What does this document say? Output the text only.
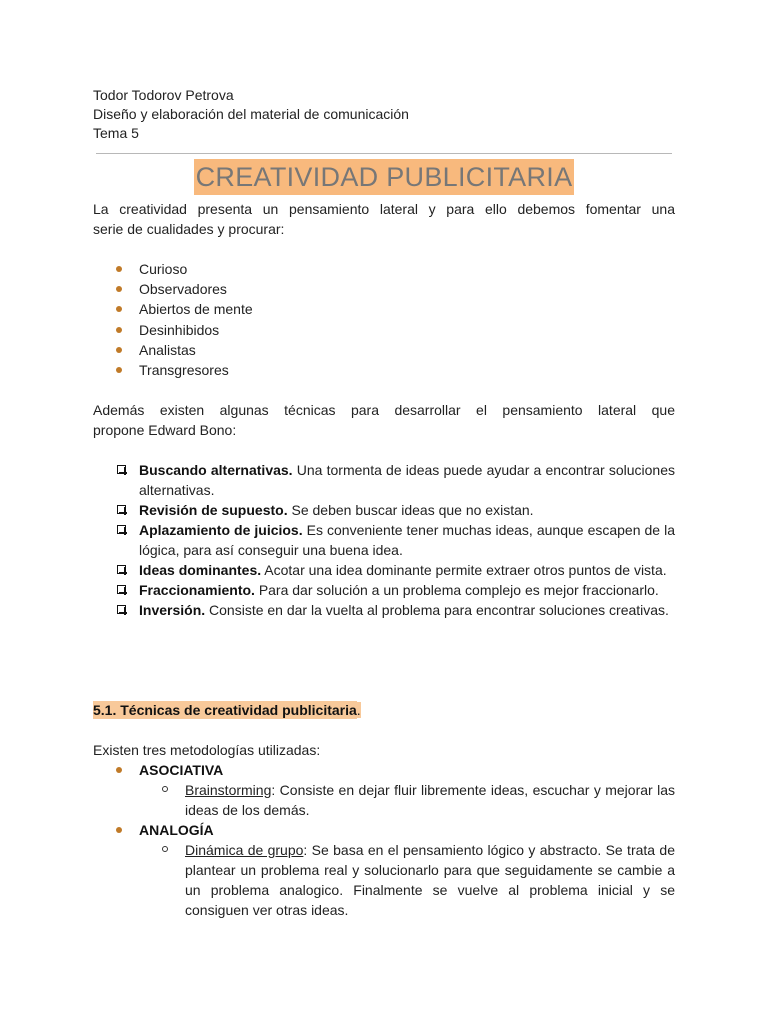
Todor Todorov Petrova
Diseño y elaboración del material de comunicación
Tema 5
CREATIVIDAD PUBLICITARIA
La creatividad presenta un pensamiento lateral y para ello debemos fomentar una
serie de cualidades y procurar:
Curioso
Observadores
Abiertos de mente
Desinhibidos
Analistas
Transgresores
Además existen algunas técnicas para desarrollar el pensamiento lateral que
propone Edward Bono:
Buscando alternativas. Una tormenta de ideas puede ayudar a encontrar soluciones alternativas.
Revisión de supuesto. Se deben buscar ideas que no existan.
Aplazamiento de juicios. Es conveniente tener muchas ideas, aunque escapen de la lógica, para así conseguir una buena idea.
Ideas dominantes. Acotar una idea dominante permite extraer otros puntos de vista.
Fraccionamiento. Para dar solución a un problema complejo es mejor fraccionarlo.
Inversión. Consiste en dar la vuelta al problema para encontrar soluciones creativas.
5.1. Técnicas de creatividad publicitaria.
Existen tres metodologías utilizadas:
ASOCIATIVA
Brainstorming: Consiste en dejar fluir libremente ideas, escuchar y mejorar las ideas de los demás.
ANALOGÍA
Dinámica de grupo: Se basa en el pensamiento lógico y abstracto. Se trata de plantear un problema real y solucionarlo para que seguidamente se cambie a un problema analogico. Finalmente se vuelve al problema inicial y se consiguen ver otras ideas.
